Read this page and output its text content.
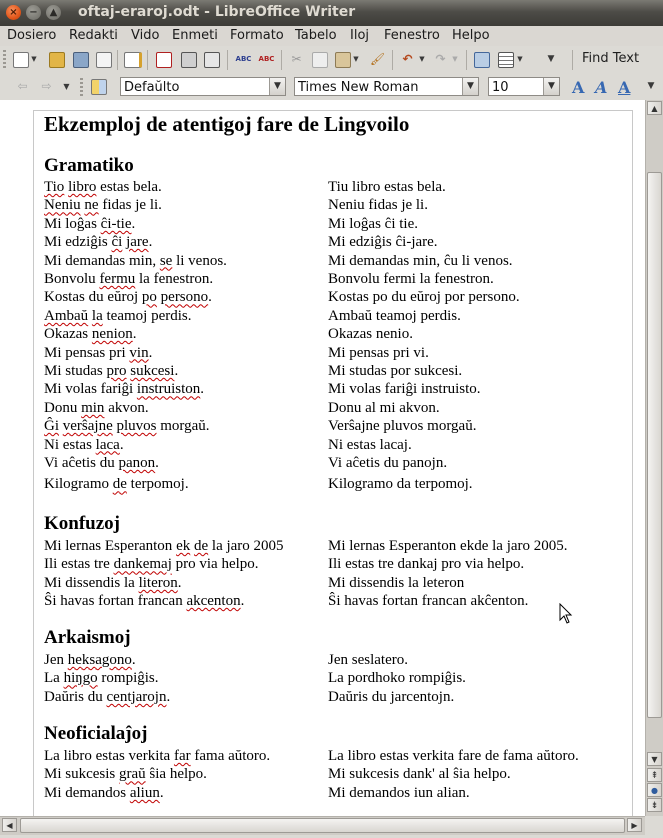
×	−	▲ oftaj-eraroj.odt - LibreOffice Writer
Dosiero Redakti Vido Enmeti Formato Tabelo Iloj Fenestro Helpo
▼	ABC ABC ✂	▼ 🖌 ↶ ▼ ↷ ▼	▼	▼ Find Text
⇦ ⇨	▼	Defaŭlto	▼	Times New Roman	▼	10	▼ A A A ▼
Ekzemploj de atentigoj fare de Lingvoilo
Gramatiko
Tio libro estas bela.	Tiu libro estas bela.
Neniu ne fidas je li.	Neniu fidas je li.
Mi loĝas ĉi-tie.	Mi loĝas ĉi tie.
Mi edziĝis ĉi jare.	Mi edziĝis ĉi-jare.
Mi demandas min, se li venos.	Mi demandas min, ĉu li venos.
Bonvolu fermu la fenestron.	Bonvolu fermi la fenestron.
Kostas du eŭroj po persono.	Kostas po du eŭroj por persono.
Ambaŭ la teamoj perdis.	Ambaŭ teamoj perdis.
Okazas nenion.	Okazas nenio.
Mi pensas pri vin.	Mi pensas pri vi.
Mi studas pro sukcesi.	Mi studas por sukcesi.
Mi volas fariĝi instruiston.	Mi volas fariĝi instruisto.
Donu min akvon.	Donu al mi akvon.
Ĝi verŝajne pluvos morgaŭ.	Verŝajne pluvos morgaŭ.
Ni estas laca.	Ni estas lacaj.
Vi aĉetis du panon.	Vi aĉetis du panojn.
Kilogramo de terpomoj.	Kilogramo da terpomoj.
Konfuzoj
Mi lernas Esperanton ek de la jaro 2005	Mi lernas Esperanton ekde la jaro 2005.
Ili estas tre dankemaj pro via helpo.	Ili estas tre dankaj pro via helpo.
Mi dissendis la literon.	Mi dissendis la leteron
Ŝi havas fortan francan akcenton.	Ŝi havas fortan francan akĉenton.
Arkaismoj
Jen heksagono.	Jen seslatero.
La hiŋgo rompiĝis.	La pordhoko rompiĝis.
Daŭris du centjarojn.	Daŭris du jarcentojn.
Neoficialaĵoj
La libro estas verkita far fama aŭtoro.	La libro estas verkita fare de fama aŭtoro.
Mi sukcesis graŭ ŝia helpo.	Mi sukcesis dank' al ŝia helpo.
Mi demandos aliun.	Mi demandos iun alian.
▲
▼
⇞
●
⇟
◀	▶
